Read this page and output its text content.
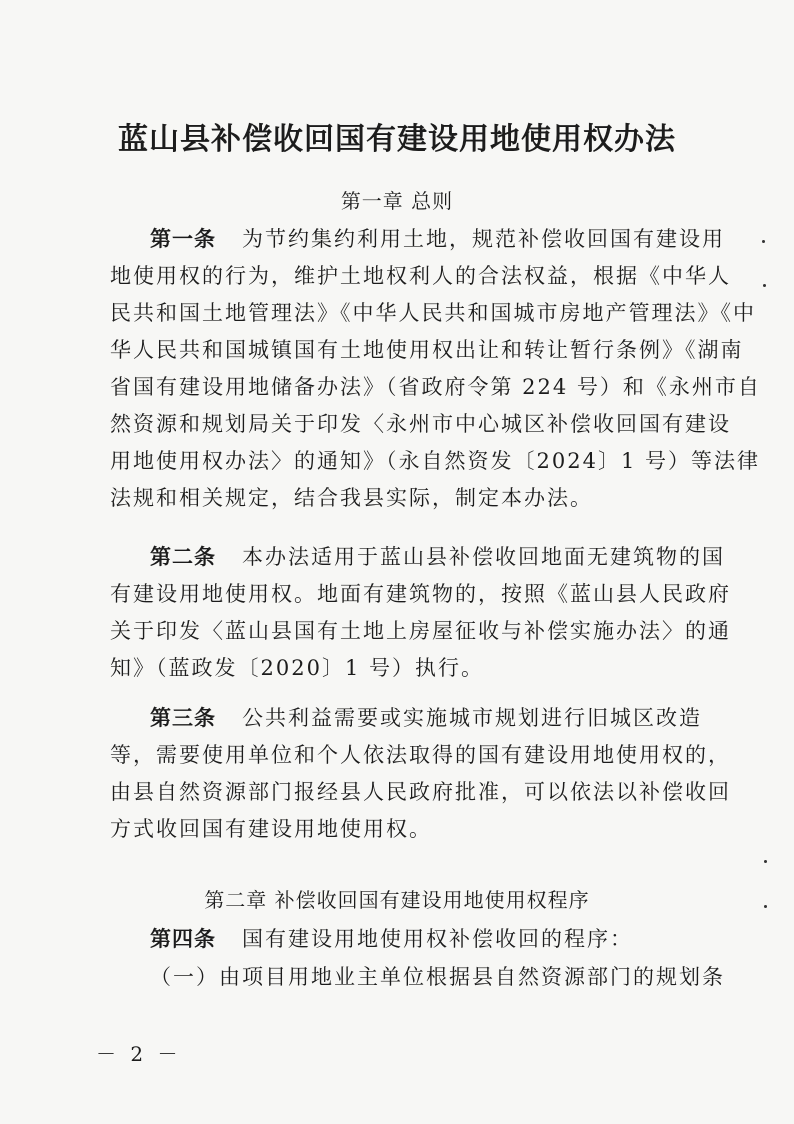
蓝山县补偿收回国有建设用地使用权办法
第一章 总则
第一条 为节约集约利用土地，规范补偿收回国有建设用
地使用权的行为，维护土地权利人的合法权益，根据《中华人
民共和国土地管理法》《中华人民共和国城市房地产管理法》《中
华人民共和国城镇国有土地使用权出让和转让暂行条例》《湖南
省国有建设用地储备办法》（省政府令第 224 号）和《永州市自
然资源和规划局关于印发〈永州市中心城区补偿收回国有建设
用地使用权办法〉的通知》（永自然资发〔2024〕1 号）等法律
法规和相关规定，结合我县实际，制定本办法。
第二条 本办法适用于蓝山县补偿收回地面无建筑物的国
有建设用地使用权。地面有建筑物的，按照《蓝山县人民政府
关于印发〈蓝山县国有土地上房屋征收与补偿实施办法〉的通
知》（蓝政发〔2020〕1 号）执行。
第三条 公共利益需要或实施城市规划进行旧城区改造
等，需要使用单位和个人依法取得的国有建设用地使用权的，
由县自然资源部门报经县人民政府批准，可以依法以补偿收回
方式收回国有建设用地使用权。
第二章 补偿收回国有建设用地使用权程序
第四条 国有建设用地使用权补偿收回的程序：
（一）由项目用地业主单位根据县自然资源部门的规划条
－ 2 －
